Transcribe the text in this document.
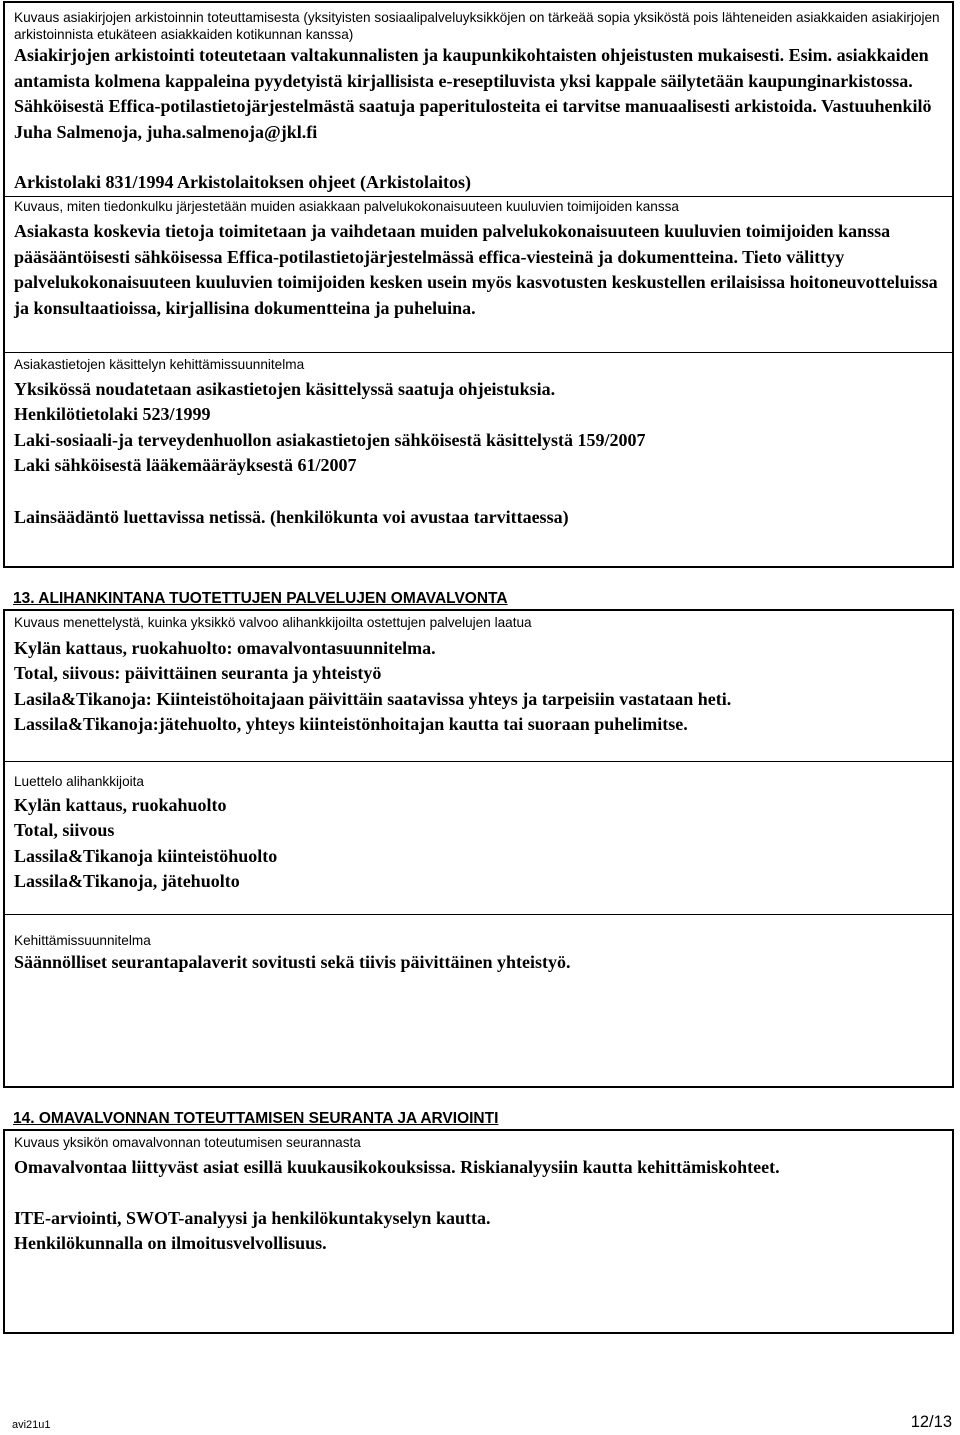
Kuvaus asiakirjojen arkistoinnin toteuttamisesta (yksityisten sosiaalipalveluyksikköjen on tärkeää sopia yksiköstä pois lähteneiden asiakkaiden asiakirjojen arkistoinnista etukäteen asiakkaiden kotikunnan kanssa)

Asiakirjojen arkistointi toteutetaan valtakunnalisten ja kaupunkikohtaisten ohjeistusten mukaisesti. Esim. asiakkaiden antamista kolmena kappaleina pyydetyistä kirjallisista e-reseptiluvista yksi kappale säilytetään kaupunginarkistossa. Sähköisestä Effica-potilastietojärjestelmästä saatuja paperitulosteita ei tarvitse manuaalisesti arkistoida. Vastuuhenkilö Juha Salmenoja, juha.salmenoja@jkl.fi

Arkistolaki 831/1994 Arkistolaitoksen ohjeet (Arkistolaitos)

Kuvaus, miten tiedonkulku järjestetään muiden asiakkaan palvelukokonaisuuteen kuuluvien toimijoiden kanssa

Asiakasta koskevia tietoja toimitetaan ja vaihdetaan muiden palvelukokonaisuuteen kuuluvien toimijoiden kanssa pääsääntöisesti sähköisessa Effica-potilastietojärjestelmässä effica-viesteinä ja dokumentteina. Tieto välittyy palvelukokonaisuuteen kuuluvien toimijoiden kesken usein myös kasvotusten keskustellen erilaisissa hoitoneuvotteluissa ja konsultaatioissa, kirjallisina dokumentteina ja puheluina.

Asiakastietojen käsittelyn kehittämissuunnitelma

Yksikössä noudatetaan asikastietojen käsittelyssä saatuja ohjeistuksia.

Henkilötietolaki 523/1999

Laki-sosiaali-ja terveydenhuollon asiakastietojen sähköisestä käsittelystä 159/2007

Laki sähköisestä lääkemääräyksestä 61/2007

Lainsäädäntö luettavissa netissä. (henkilökunta voi avustaa tarvittaessa)

13. ALIHANKINTANA TUOTETTUJEN PALVELUJEN OMAVALVONTA

Kuvaus menettelystä, kuinka yksikkö valvoo alihankkijoilta ostettujen palvelujen laatua

Kylän kattaus, ruokahuolto: omavalvontasuunnitelma.

Total, siivous: päivittäinen seuranta ja yhteistyö

Lasila&Tikanoja: Kiinteistöhoitajaan päivittäin saatavissa yhteys ja tarpeisiin vastataan heti.

Lassila&Tikanoja:jätehuolto, yhteys kiinteistönhoitajan kautta tai suoraan puhelimitse.

Luettelo alihankkijoita

Kylän kattaus, ruokahuolto

Total, siivous

Lassila&Tikanoja kiinteistöhuolto

Lassila&Tikanoja, jätehuolto

Kehittämissuunnitelma

Säännölliset seurantapalaverit sovitusti sekä tiivis päivittäinen yhteistyö.

14. OMAVALVONNAN TOTEUTTAMISEN SEURANTA JA ARVIOINTI

Kuvaus yksikön omavalvonnan toteutumisen seurannasta

Omavalvontaa liittyväst asiat esillä kuukausikokouksissa. Riskianalyysiin kautta kehittämiskohteet.

ITE-arviointi, SWOT-analyysi ja henkilökuntakyselyn kautta.

Henkilökunnalla on ilmoitusvelvollisuus.

avi21u1	12/13
